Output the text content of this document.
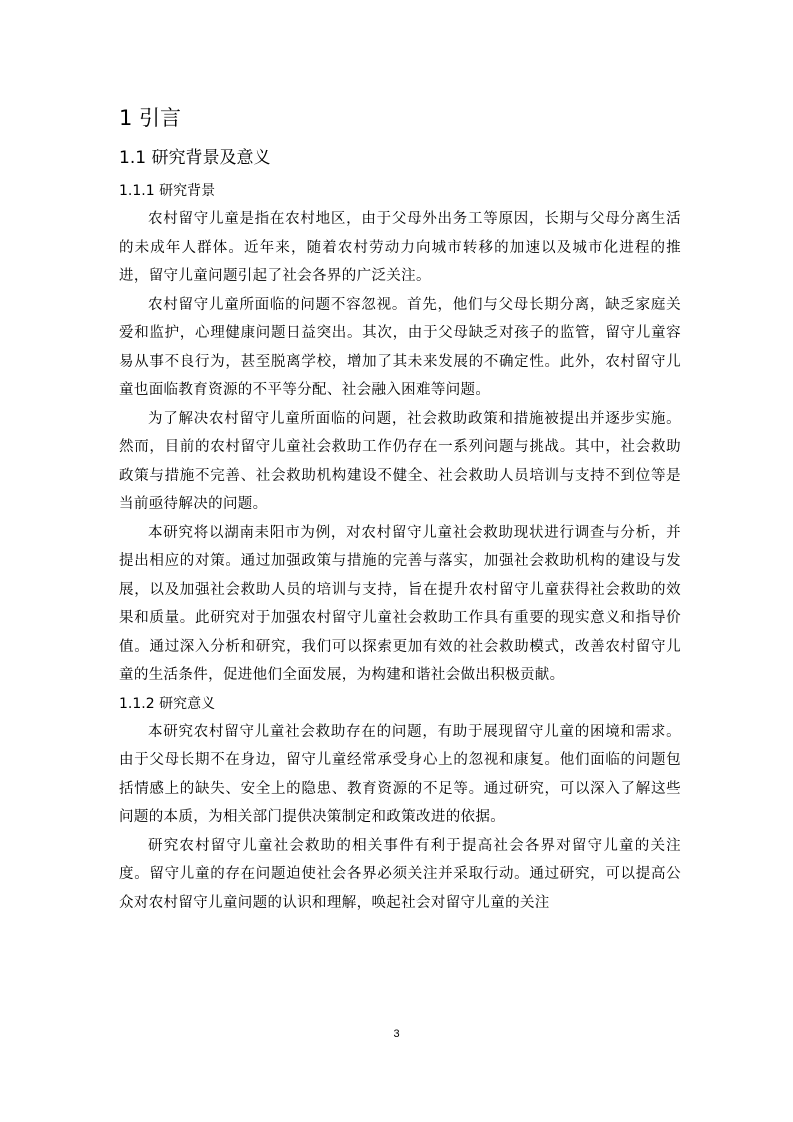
1 引言
1.1 研究背景及意义
1.1.1 研究背景

农村留守儿童是指在农村地区，由于父母外出务工等原因，长期与父母分离生活的未成年人群体。近年来，随着农村劳动力向城市转移的加速以及城市化进程的推进，留守儿童问题引起了社会各界的广泛关注。

农村留守儿童所面临的问题不容忽视。首先，他们与父母长期分离，缺乏家庭关爱和监护，心理健康问题日益突出。其次，由于父母缺乏对孩子的监管，留守儿童容易从事不良行为，甚至脱离学校，增加了其未来发展的不确定性。此外，农村留守儿童也面临教育资源的不平等分配、社会融入困难等问题。

为了解决农村留守儿童所面临的问题，社会救助政策和措施被提出并逐步实施。然而，目前的农村留守儿童社会救助工作仍存在一系列问题与挑战。其中，社会救助政策与措施不完善、社会救助机构建设不健全、社会救助人员培训与支持不到位等是当前亟待解决的问题。

本研究将以湖南耒阳市为例，对农村留守儿童社会救助现状进行调查与分析，并提出相应的对策。通过加强政策与措施的完善与落实，加强社会救助机构的建设与发展，以及加强社会救助人员的培训与支持，旨在提升农村留守儿童获得社会救助的效果和质量。此研究对于加强农村留守儿童社会救助工作具有重要的现实意义和指导价值。通过深入分析和研究，我们可以探索更加有效的社会救助模式，改善农村留守儿童的生活条件，促进他们全面发展，为构建和谐社会做出积极贡献。

1.1.2 研究意义

本研究农村留守儿童社会救助存在的问题，有助于展现留守儿童的困境和需求。由于父母长期不在身边，留守儿童经常承受身心上的忽视和康复。他们面临的问题包括情感上的缺失、安全上的隐患、教育资源的不足等。通过研究，可以深入了解这些问题的本质，为相关部门提供决策制定和政策改进的依据。

研究农村留守儿童社会救助的相关事件有利于提高社会各界对留守儿童的关注度。留守儿童的存在问题迫使社会各界必须关注并采取行动。通过研究，可以提高公众对农村留守儿童问题的认识和理解，唤起社会对留守儿童的关注

3
